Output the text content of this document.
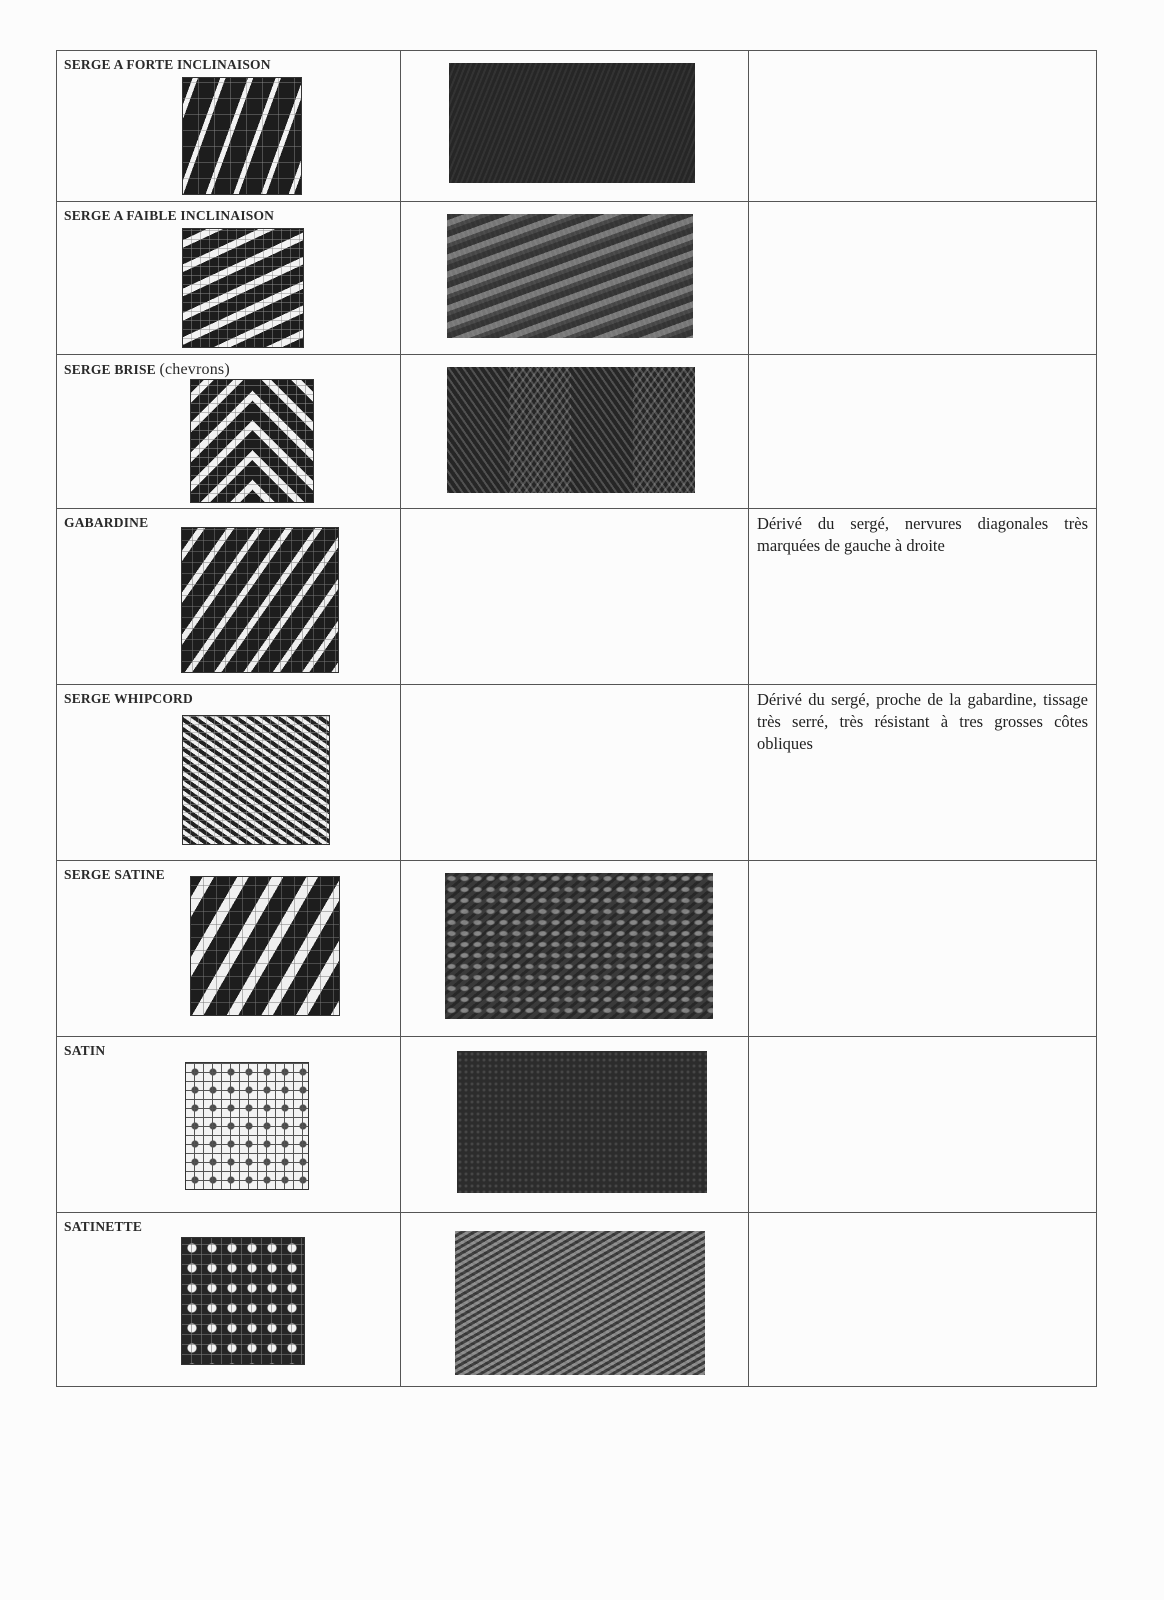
SERGE A FORTE INCLINAISON		

SERGE A FAIBLE INCLINAISON		

SERGE BRISE (chevrons)		

GABARDINE		Dérivé du sergé, nervures diagonales très marquées de gauche à droite

SERGE WHIPCORD		Dérivé du sergé, proche de la gabardine, tissage très serré, très résistant à tres grosses côtes obliques

SERGE SATINE		

SATIN		

SATINETTE		
